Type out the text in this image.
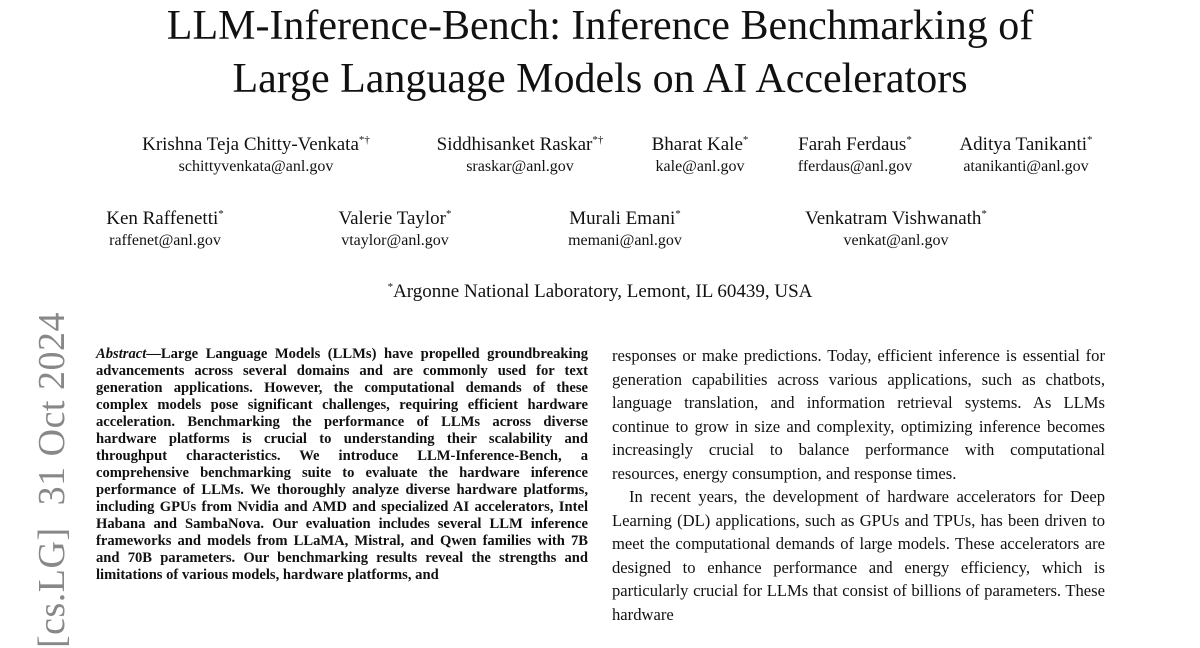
LLM-Inference-Bench: Inference Benchmarking of
Large Language Models on AI Accelerators
Krishna Teja Chitty-Venkata*†
schittyvenkata@anl.gov
Siddhisanket Raskar*†
sraskar@anl.gov
Bharat Kale*
kale@anl.gov
Farah Ferdaus*
fferdaus@anl.gov
Aditya Tanikanti*
atanikanti@anl.gov
Ken Raffenetti*
raffenet@anl.gov
Valerie Taylor*
vtaylor@anl.gov
Murali Emani*
memani@anl.gov
Venkatram Vishwanath*
venkat@anl.gov
*Argonne National Laboratory, Lemont, IL 60439, USA
[cs.LG]31 Oct 2024 Abstract—Large Language Models (LLMs) have propelled groundbreaking advancements across several domains and are commonly used for text generation applications. However, the computational demands of these complex models pose significant challenges, requiring efficient hardware acceleration. Benchmarking the performance of LLMs across diverse hardware platforms is crucial to understanding their scalability and throughput characteristics. We introduce LLM-Inference-Bench, a comprehensive benchmarking suite to evaluate the hardware inference performance of LLMs. We thoroughly analyze diverse hardware platforms, including GPUs from Nvidia and AMD and specialized AI accelerators, Intel Habana and SambaNova. Our evaluation includes several LLM inference frameworks and models from LLaMA, Mistral, and Qwen families with 7B and 70B parameters. Our benchmarking results reveal the strengths and limitations of various models, hardware platforms, and

responses or make predictions. Today, efficient inference is essential for generation capabilities across various applications, such as chatbots, language translation, and information retrieval systems. As LLMs continue to grow in size and complexity, optimizing inference becomes increasingly crucial to balance performance with computational resources, energy consumption, and response times.

In recent years, the development of hardware accelerators for Deep Learning (DL) applications, such as GPUs and TPUs, has been driven to meet the computational demands of large models. These accelerators are designed to enhance performance and energy efficiency, which is particularly crucial for LLMs that consist of billions of parameters. These hardware
